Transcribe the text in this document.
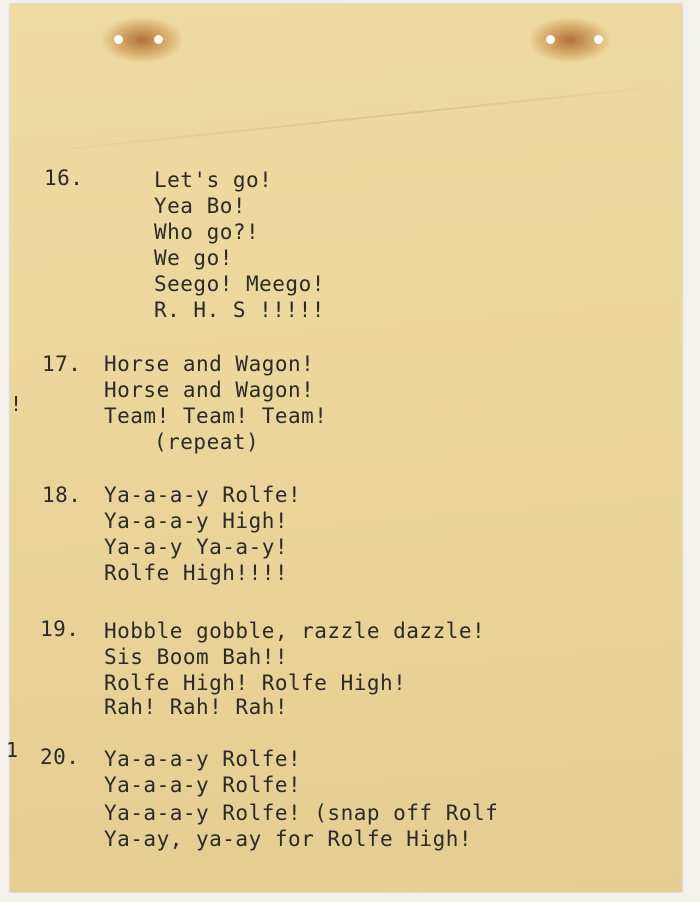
16.	Let's go!
Yea Bo!
Who go?!
We go!
Seego! Meego!
R. H. S !!!!!
17. Horse and Wagon!
Horse and Wagon!
Team! Team! Team!
(repeat)
18. Ya-a-a-y Rolfe!
Ya-a-a-y High!
Ya-a-y Ya-a-y!
Rolfe High!!!!
19. Hobble gobble, razzle dazzle!
Sis Boom Bah!!
Rolfe High! Rolfe High!
Rah! Rah! Rah!
20. Ya-a-a-y Rolfe!
Ya-a-a-y Rolfe!
Ya-a-a-y Rolfe! (snap off Rolf
Ya-ay, ya-ay for Rolfe High!
!
1
